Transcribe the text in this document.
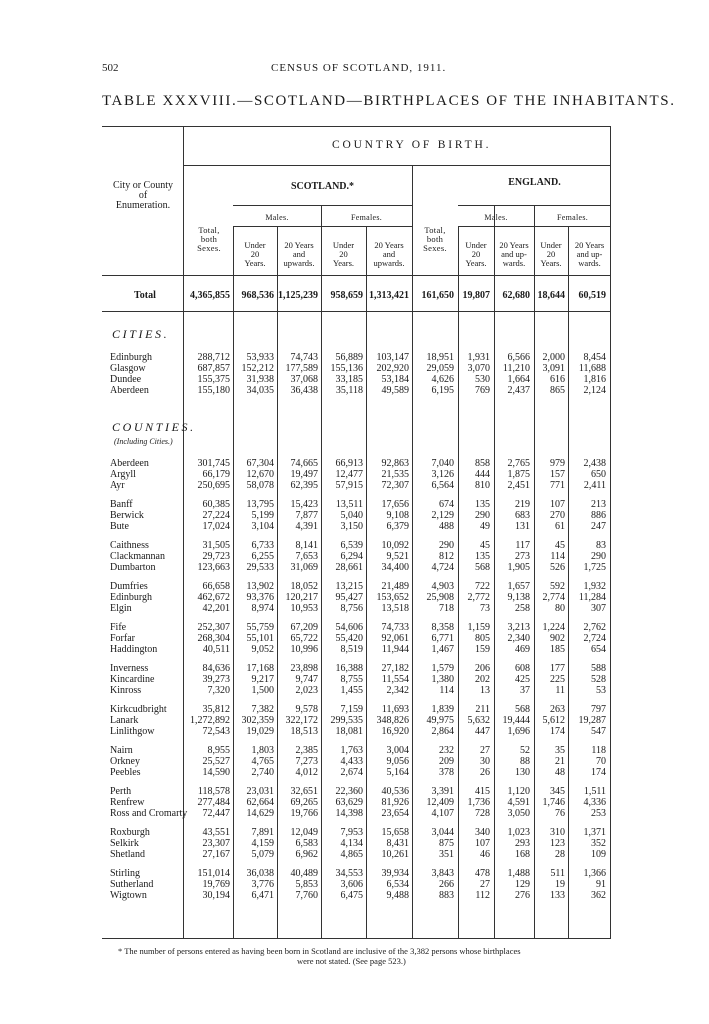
502	CENSUS OF SCOTLAND, 1911.
TABLE XXXVIII.—SCOTLAND—BIRTHPLACES OF THE INHABITANTS.
COUNTRY OF BIRTH.
City or County
of
Enumeration.
SCOTLAND.*	ENGLAND.
Males.	Females.	Males.	Females.
Total,
both
Sexes.
Total,
both
Sexes.
Under
20
Years.
20 Years
and
upwards.
Under
20
Years.
20 Years
and
upwards.
Under
20
Years.
20 Years
and up-
wards.
Under
20
Years.
20 Years
and up-
wards.
CITIES.
COUNTIES.
(Including Cities.)
Total	4,365,855 968,536 1,125,239 958,659 1,313,421 161,650 19,807 62,680 18,644 60,519
Edinburgh	288,712 53,933 74,743 56,889 103,147 18,951 1,931 6,566 2,000 8,454
Glasgow	687,857 152,212 177,589 155,136 202,920 29,059 3,070 11,210 3,091 11,688
Dundee	155,375 31,938 37,068 33,185 53,184 4,626 530 1,664 616 1,816
Aberdeen	155,180 34,035 36,438 35,118 49,589 6,195 769 2,437 865 2,124
Aberdeen	301,745 67,304 74,665 66,913 92,863 7,040 858 2,765 979 2,438
Argyll	66,179 12,670 19,497 12,477 21,535 3,126 444 1,875 157	650
Ayr	250,695 58,078 62,395 57,915 72,307 6,564 810 2,451 771 2,411
Banff	60,385 13,795 15,423 13,511 17,656	674 135	219 107	213
Berwick	27,224 5,199 7,877 5,040 9,108 2,129 290	683 270	886
Bute	17,024 3,104 4,391 3,150 6,379	488	49	131	61	247
Caithness	31,505 6,733 8,141 6,539 10,092	290	45	117	45	83
Clackmannan	29,723 6,255 7,653 6,294 9,521	812 135	273 114	290
Dumbarton	123,663 29,533 31,069 28,661 34,400 4,724 568 1,905 526 1,725
Dumfries	66,658 13,902 18,052 13,215 21,489 4,903 722 1,657 592 1,932
Edinburgh	462,672 93,376 120,217 95,427 153,652 25,908 2,772 9,138 2,774 11,284
Elgin	42,201 8,974 10,953 8,756 13,518	718	73	258	80	307
Fife	252,307 55,759 67,209 54,606 74,733 8,358 1,159 3,213 1,224 2,762
Forfar	268,304 55,101 65,722 55,420 92,061 6,771 805 2,340 902 2,724
Haddington	40,511 9,052 10,996 8,519 11,944 1,467 159	469 185	654
Inverness	84,636 17,168 23,898 16,388 27,182 1,579 206	608 177	588
Kincardine	39,273 9,217 9,747 8,755 11,554 1,380 202	425 225	528
Kinross	7,320 1,500 2,023 1,455 2,342	114	13	37	11	53
Kirkcudbright	35,812 7,382 9,578 7,159 11,693 1,839 211	568 263	797
Lanark	1,272,892 302,359 322,172 299,535 348,826 49,975 5,632 19,444 5,612 19,287
Linlithgow	72,543 19,029 18,513 18,081 16,920 2,864 447 1,696 174	547
Nairn	8,955 1,803 2,385 1,763 3,004	232	27	52	35	118
Orkney	25,527 4,765 7,273 4,433 9,056	209	30	88	21	70
Peebles	14,590 2,740 4,012 2,674 5,164	378	26	130	48	174
Perth	118,578 23,031 32,651 22,360 40,536 3,391 415 1,120 345 1,511
Renfrew	277,484 62,664 69,265 63,629 81,926 12,409 1,736 4,591 1,746 4,336
Ross and Cromarty 72,447 14,629 19,766 14,398 23,654 4,107 728 3,050	76	253
Roxburgh	43,551 7,891 12,049 7,953 15,658 3,044 340 1,023 310 1,371
Selkirk	23,307 4,159 6,583 4,134 8,431	875 107	293 123	352
Shetland	27,167 5,079 6,962 4,865 10,261	351	46	168	28	109
Stirling	151,014 36,038 40,489 34,553 39,934 3,843 478 1,488 511 1,366
Sutherland	19,769 3,776 5,853 3,606 6,534	266	27	129	19	91
Wigtown	30,194 6,471 7,760 6,475 9,488	883 112	276 133	362
* The number of persons entered as having been born in Scotland are inclusive of the 3,382 persons whose birthplaces
were not stated. (See page 523.)
